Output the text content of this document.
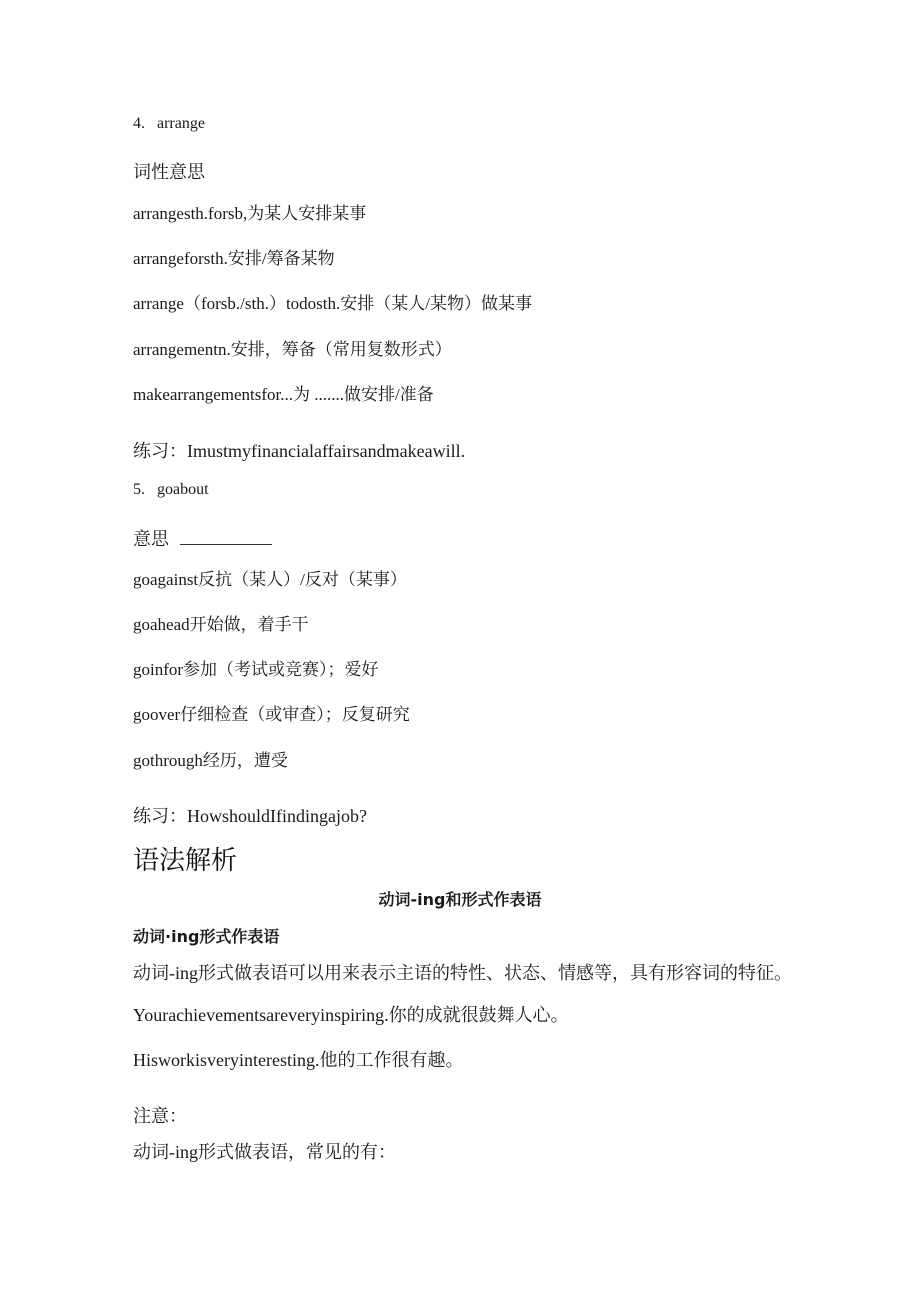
4.   arrange
词性意思
arrangesth.forsb,为某人安排某事
arrangeforsth.安排/筹备某物
arrange（forsb./sth.）todosth.安排（某人/某物）做某事
arrangementn.安排，筹备（常用复数形式）
makearrangementsfor...为 .......做安排/准备
练习：Imustmyfinancialaffairsandmakeawill.
5.   goabout
意思
goagainst反抗（某人）/反对（某事）
goahead开始做，着手干
goinfor参加（考试或竞赛）；爱好
goover仔细检查（或审查）；反复研究
gothrough经历，遭受
练习：HowshouldIfindingajob?
语法解析
动词-ing和形式作表语
动词·ing形式作表语
动词-ing形式做表语可以用来表示主语的特性、状态、情感等，具有形容词的特征。
Yourachievementsareveryinspiring.你的成就很鼓舞人心。
Hisworkisveryinteresting.他的工作很有趣。
注意：
动词-ing形式做表语，常见的有：
